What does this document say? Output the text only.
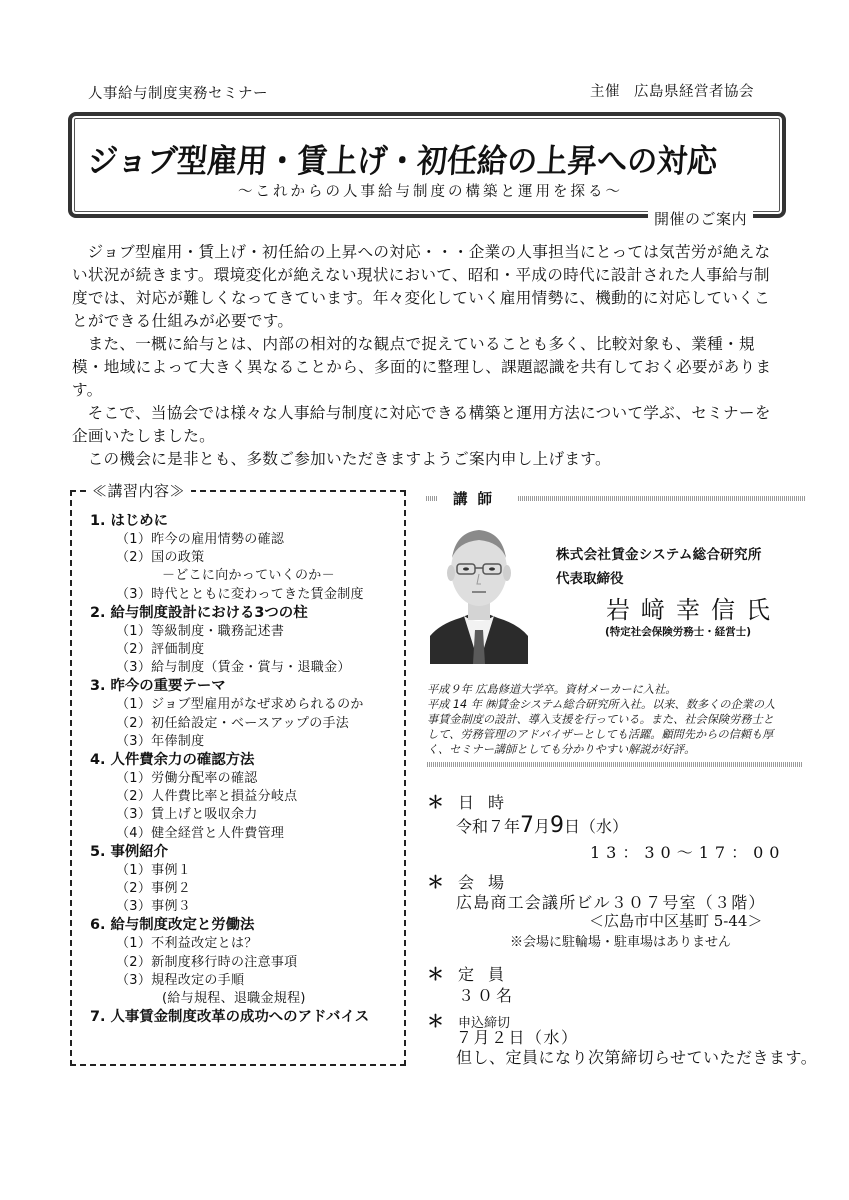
人事給与制度実務セミナー	主催 広島県経営者協会
ジョブ型雇用・賃上げ・初任給の上昇への対応
～これからの人事給与制度の構築と運用を探る～
開催のご案内

ジョブ型雇用・賃上げ・初任給の上昇への対応・・・企業の人事担当にとっては気苦労が絶えない状況が続きます。環境変化が絶えない現状において、昭和・平成の時代に設計された人事給与制度では、対応が難しくなってきています。年々変化していく雇用情勢に、機動的に対応していくことができる仕組みが必要です。

また、一概に給与とは、内部の相対的な観点で捉えていることも多く、比較対象も、業種・規模・地域によって大きく異なることから、多面的に整理し、課題認識を共有しておく必要があります。

そこで、当協会では様々な人事給与制度に対応できる構築と運用方法について学ぶ、セミナーを企画いたしました。

この機会に是非とも、多数ご参加いただきますようご案内申し上げます。

≪講習内容≫

1. はじめに

（1）昨今の雇用情勢の確認

（2）国の政策

－どこに向かっていくのか－

（3）時代とともに変わってきた賃金制度

2. 給与制度設計における3つの柱

（1）等級制度・職務記述書

（2）評価制度

（3）給与制度（賃金・賞与・退職金）

3. 昨今の重要テーマ

（1）ジョブ型雇用がなぜ求められるのか

（2）初任給設定・ベースアップの手法

（3）年俸制度

4. 人件費余力の確認方法

（1）労働分配率の確認

（2）人件費比率と損益分岐点

（3）賃上げと吸収余力

（4）健全経営と人件費管理

5. 事例紹介

（1）事例１

（2）事例２

（3）事例３

6. 給与制度改定と労働法

（1）不利益改定とは？

（2）新制度移行時の注意事項

（3）規程改定の手順

(給与規程、退職金規程)

7. 人事賃金制度改革の成功へのアドバイス

講師
株式会社賃金システム総合研究所
代表取締役
岩﨑幸信氏
(特定社会保険労務士・経営士)

平成９年 広島修道大学卒。資材メーカーに入社。

平成 14 年 ㈱賃金システム総合研究所入社。以来、数多くの企業の人

事賃金制度の設計、導入支援を行っている。また、社会保険労務士と

して、労務管理のアドバイザーとしても活躍。顧問先からの信頼も厚

く、セミナー講師としても分かりやすい解説が好評。

＊ 日時
令和７年7月9日（水）
13：30～17：00
＊ 会場
広島商工会議所ビル３０７号室（３階）
＜広島市中区基町 5-44＞
※会場に駐輪場・駐車場はありません
＊ 定員
３０名
＊ 申込締切
７月２日（水）
但し、定員になり次第締切らせていただきます。
